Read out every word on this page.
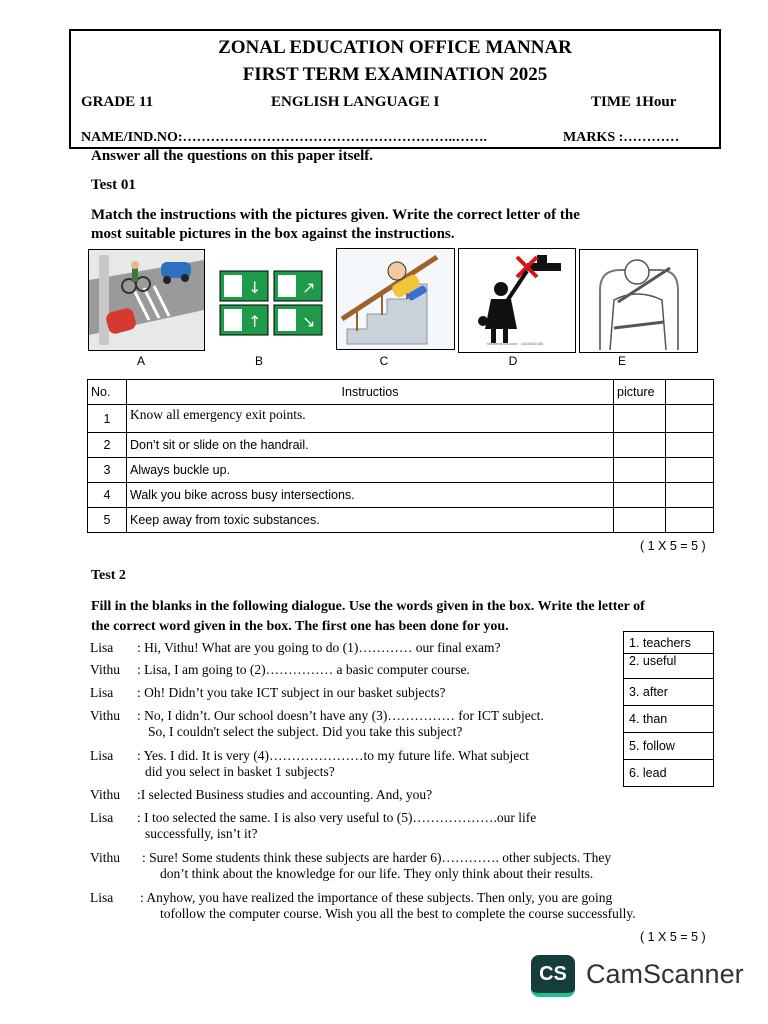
ZONAL EDUCATION OFFICE MANNAR
FIRST TERM EXAMINATION 2025
GRADE 11	ENGLISH LANGUAGE I	TIME 1Hour
NAME/IND.NO:…………………………………………………..…….	MARKS :…………
Answer all the questions on this paper itself.
Test 01
Match the instructions with the pictures given. Write the correct letter of the
most suitable pictures in the box against the instructions.
↓	↗
↑	↘
shutterstock.com · 1454810180
A	B	C	D	E
No.	Instructios	picture	
1	Know all emergency exit points.		
2	Don’t sit or slide on the handrail.		
3	Always buckle up.		
4	Walk you bike across busy intersections.		
5	Keep away from toxic substances.		
( 1 X 5 = 5 )
Test 2
Fill in the blanks in the following dialogue. Use the words given in the box. Write the letter of
the correct word given in the box. The first one has been done for you.
1. teachers
2. useful
3. after
4. than
5. follow
6. lead
Lisa : Hi, Vithu! What are you going to do (1)………… our final exam?
Vithu : Lisa, I am going to (2)…………… a basic computer course.
Lisa : Oh! Didn’t you take ICT subject in our basket subjects?
Vithu : No, I didn’t. Our school doesn’t have any (3)…………… for ICT subject.
So, I couldn't select the subject. Did you take this subject?
Lisa : Yes. I did. It is very (4)…………………to my future life. What subject
did you select in basket 1 subjects?
Vithu :I selected Business studies and accounting. And, you?
Lisa : I too selected the same. I is also very useful to (5)……………….our life
successfully, isn’t it?
Vithu : Sure! Some students think these subjects are harder 6)…………. other subjects. They
don’t think about the knowledge for our life. They only think about their results.
Lisa : Anyhow, you have realized the importance of these subjects. Then only, you are going
tofollow the computer course. Wish you all the best to complete the course successfully.
( 1 X 5 = 5 )
CS CamScanner
